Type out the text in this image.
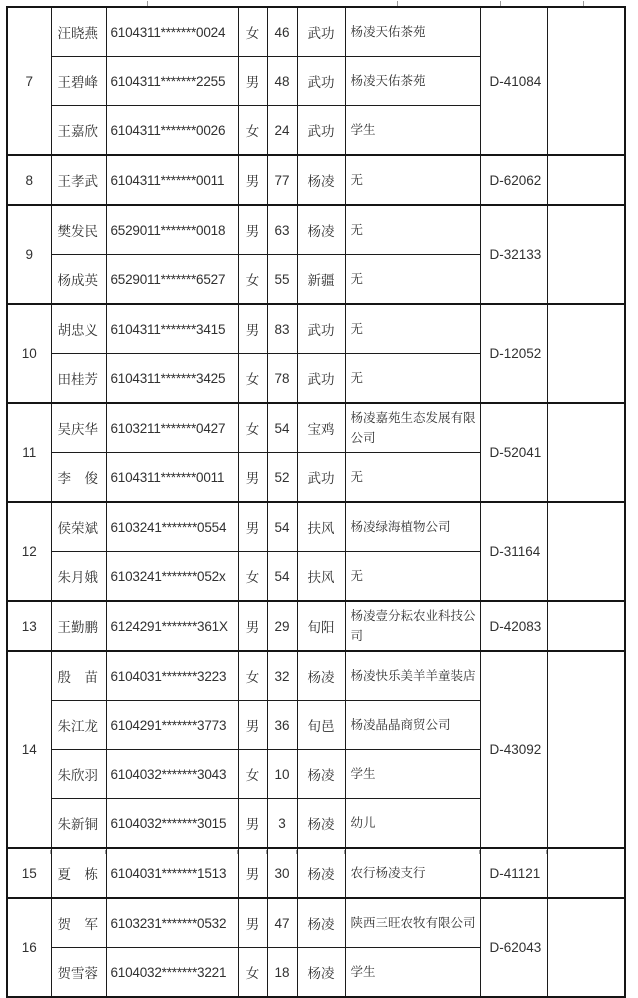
7	汪晓燕	6104311*******0024	女	46	武功	杨凌天佑茶苑	D-41084	
	王碧峰	6104311*******2255	男	48	武功	杨凌天佑茶苑		
	王嘉欣	6104311*******0026	女	24	武功	学生		
8	王孝武	6104311*******0011	男	77	杨凌	无	D-62062	
9	樊发民	6529011*******0018	男	63	杨凌	无	D-32133	
	杨成英	6529011*******6527	女	55	新疆	无		
10	胡忠义	6104311*******3415	男	83	武功	无	D-12052	
	田桂芳	6104311*******3425	女	78	武功	无		
11	吴庆华	6103211*******0427	女	54	宝鸡	杨凌嘉苑生态发展有限公司	D-52041	
	李　俊	6104311*******0011	男	52	武功	无		
12	侯荣斌	6103241*******0554	男	54	扶风	杨凌绿海植物公司	D-31164	
	朱月娥	6103241*******052x	女	54	扶风	无		
13	王勤鹏	6124291*******361X	男	29	旬阳	杨凌壹分耘农业科技公司	D-42083	
14	殷　苗	6104031*******3223	女	32	杨凌	杨凌快乐美羊羊童装店	D-43092	
	朱江龙	6104291*******3773	男	36	旬邑	杨凌晶晶商贸公司		
	朱欣羽	6104032*******3043	女	10	杨凌	学生		
	朱新铜	6104032*******3015	男	3	杨凌	幼儿		
15	夏　栋	6104031*******1513	男	30	杨凌	农行杨凌支行	D-41121	
16	贺　军	6103231*******0532	男	47	杨凌	陕西三旺农牧有限公司	D-62043	
	贺雪蓉	6104032*******3221	女	18	杨凌	学生		
